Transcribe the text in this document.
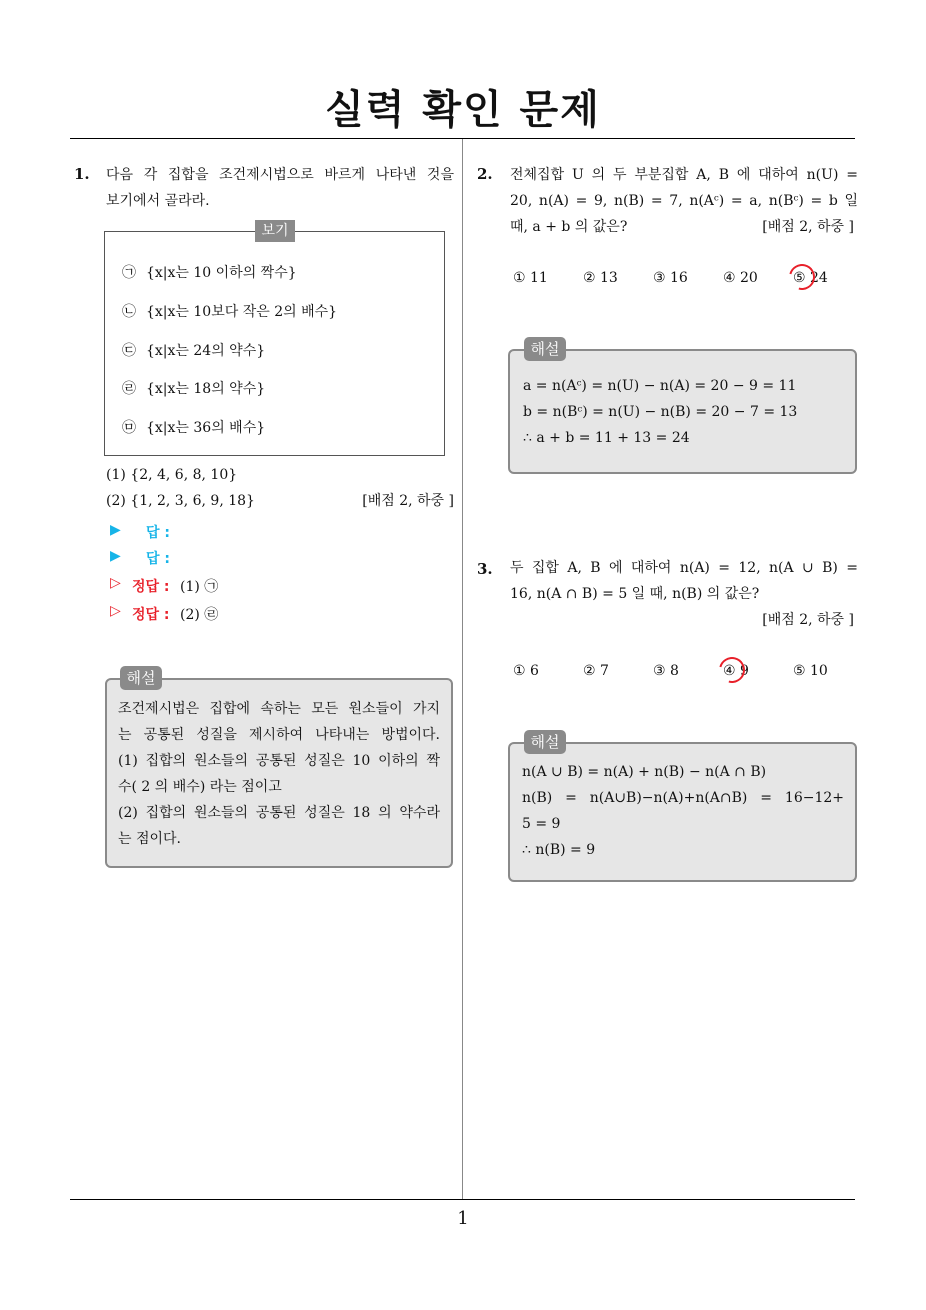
실력 확인 문제
1. 다음 각 집합을 조건제시법으로 바르게 나타낸 것을
보기에서 골라라.
보기
㉠ {x|x는 10 이하의 짝수}
㉡ {x|x는 10보다 작은 2의 배수}
㉢ {x|x는 24의 약수}
㉣ {x|x는 18의 약수}
㉤ {x|x는 36의 배수}
(1) {2, 4, 6, 8, 10}
(2) {1, 2, 3, 6, 9, 18}	[배점 2, 하중 ]
▶ 답 :
▶ 답 :
▷ 정답 : (1) ㉠
▷ 정답 : (2) ㉣
해설
조건제시법은 집합에 속하는 모든 원소들이 가지
는 공통된 성질을 제시하여 나타내는 방법이다.
(1) 집합의 원소들의 공통된 성질은 10 이하의 짝
수( 2 의 배수) 라는 점이고
(2) 집합의 원소들의 공통된 성질은 18 의 약수라
는 점이다.
2. 전체집합 U 의 두 부분집합 A, B 에 대하여 n(U) =
20, n(A) = 9, n(B) = 7, n(Aᶜ) = a, n(Bᶜ) = b 일
때, a + b 의 값은?	[배점 2, 하중 ]
① 11	② 13	③ 16	④ 20	⑤ 24
해설
a = n(Aᶜ) = n(U) − n(A) = 20 − 9 = 11
b = n(Bᶜ) = n(U) − n(B) = 20 − 7 = 13
∴ a + b = 11 + 13 = 24
3. 두 집합 A, B 에 대하여 n(A) = 12, n(A ∪ B) =
16, n(A ∩ B) = 5 일 때, n(B) 의 값은?
[배점 2, 하중 ]
① 6	② 7	③ 8	④ 9	⑤ 10
해설
n(A ∪ B) = n(A) + n(B) − n(A ∩ B)
n(B) = n(A∪B)−n(A)+n(A∩B) = 16−12+
5 = 9
∴ n(B) = 9
1
